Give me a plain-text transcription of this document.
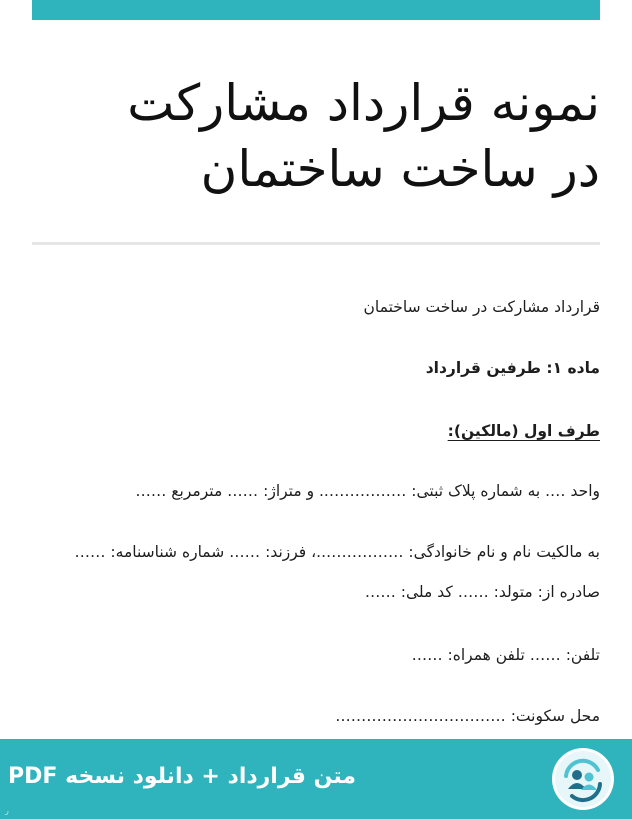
نمونه قرارداد مشارکت
در ساخت ساختمان
قرارداد مشارکت در ساخت ساختمان
ماده ۱: طرفین قرارداد
طرف اول (مالکین):
واحد …. به شماره پلاک ثبتی: …………….. و متراژ: …… مترمربع ……
به مالکیت نام و نام خانوادگی: ……………..، فرزند: …… شماره شناسنامه: ……
صادره از: متولد: …… کد ملی: ……
تلفن: …… تلفن همراه: ……
محل سکونت: ……………………………
متن قرارداد + دانلود نسخه PDF
ر
